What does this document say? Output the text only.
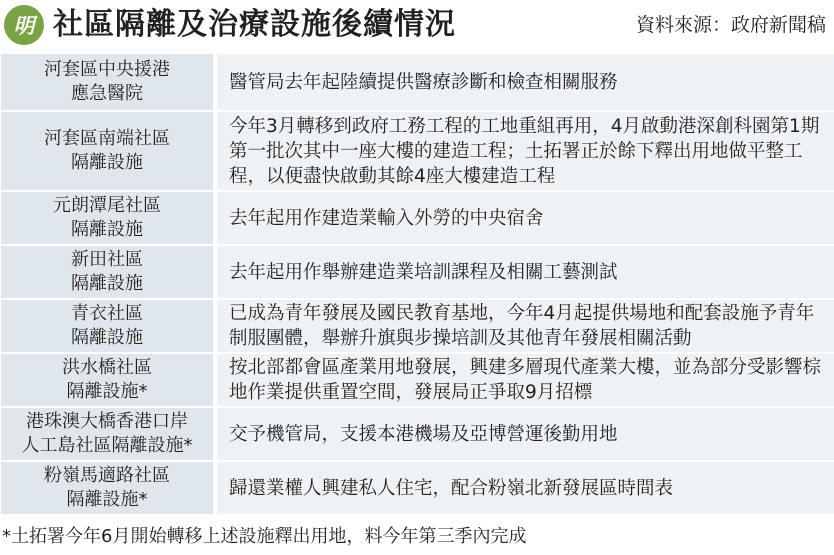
明 社區隔離及治療設施後續情況	資料來源：政府新聞稿
河套區中央援港
應急醫院
醫管局去年起陸續提供醫療診斷和檢查相關服務
河套區南端社區
隔離設施
今年3月轉移到政府工務工程的工地重組再用，4月啟動港深創科園第1期第一批次其中一座大樓的建造工程；土拓署正於餘下釋出用地做平整工程，以便盡快啟動其餘4座大樓建造工程
元朗潭尾社區
隔離設施
去年起用作建造業輸入外勞的中央宿舍
新田社區
隔離設施
去年起用作舉辦建造業培訓課程及相關工藝測試
青衣社區
隔離設施
已成為青年發展及國民教育基地，今年4月起提供場地和配套設施予青年制服團體，舉辦升旗與步操培訓及其他青年發展相關活動
洪水橋社區
隔離設施*
按北部都會區產業用地發展，興建多層現代產業大樓，並為部分受影響棕地作業提供重置空間，發展局正爭取9月招標
港珠澳大橋香港口岸
人工島社區隔離設施*
交予機管局，支援本港機場及亞博營運後勤用地
粉嶺馬適路社區
隔離設施*
歸還業權人興建私人住宅，配合粉嶺北新發展區時間表
*土拓署今年6月開始轉移上述設施釋出用地，料今年第三季內完成
